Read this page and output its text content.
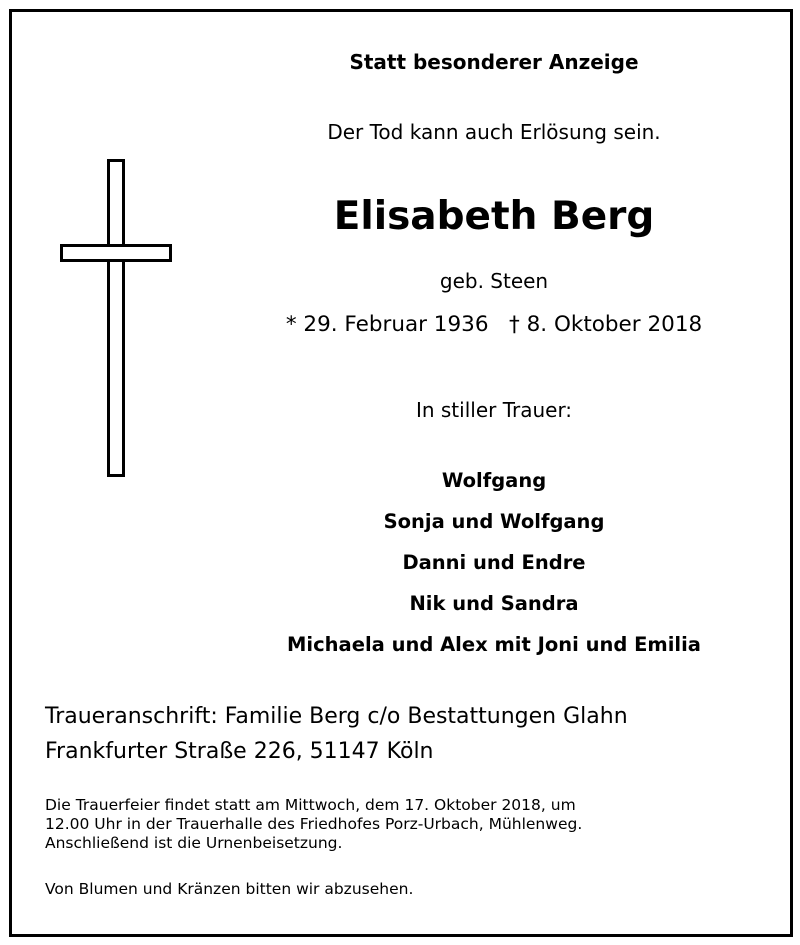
Statt besonderer Anzeige
Der Tod kann auch Erlösung sein.
Elisabeth Berg
geb. Steen
* 29. Februar 1936   † 8. Oktober 2018
In stiller Trauer:
Wolfgang
Sonja und Wolfgang
Danni und Endre
Nik und Sandra
Michaela und Alex mit Joni und Emilia
Traueranschrift: Familie Berg c/o Bestattungen Glahn
Frankfurter Straße 226, 51147 Köln

Die Trauerfeier findet statt am Mittwoch, dem 17. Oktober 2018, um

12.00 Uhr in der Trauerhalle des Friedhofes Porz-Urbach, Mühlenweg.

Anschließend ist die Urnenbeisetzung.

Von Blumen und Kränzen bitten wir abzusehen.
